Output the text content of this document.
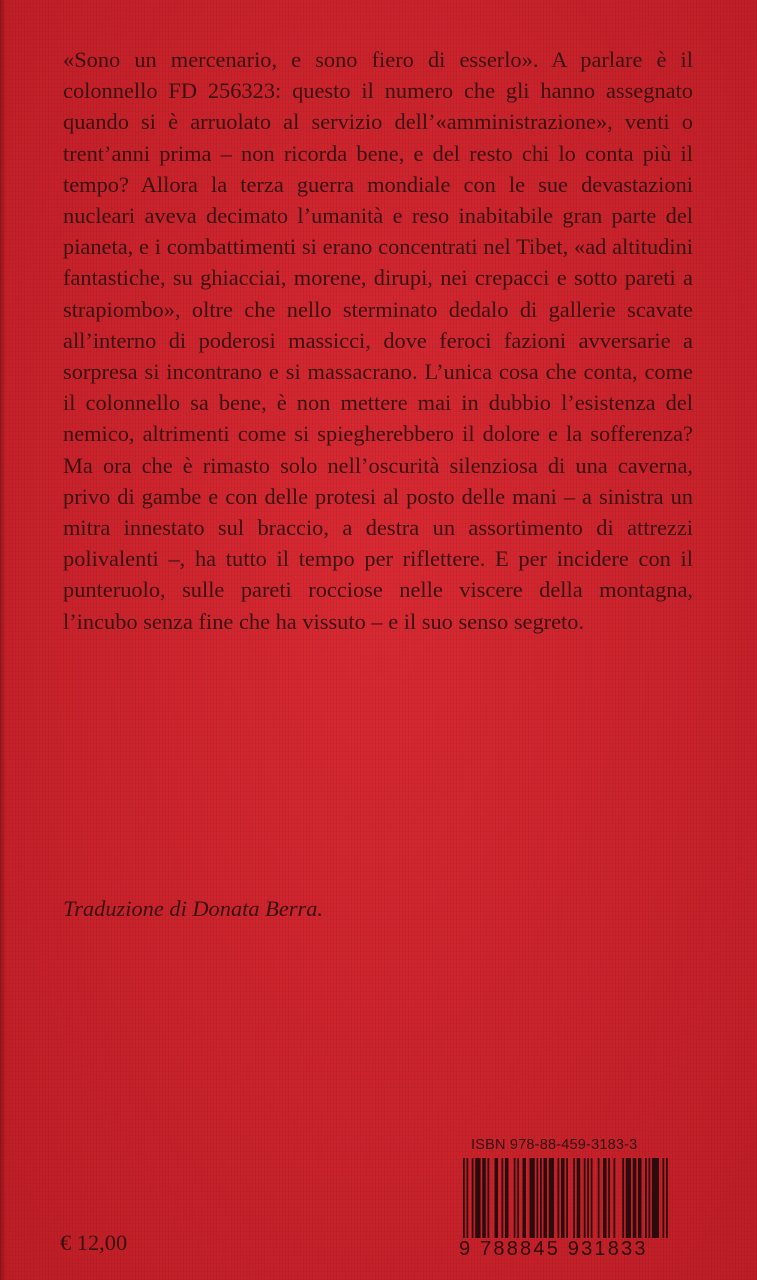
«Sono un mercenario, e sono fiero di esserlo». A parlare è il colonnello FD 256323: questo il numero che gli hanno assegnato quando si è arruolato al servizio dell’«amministrazione», venti o trent’anni prima – non ricorda bene, e del resto chi lo conta più il tempo? Allora la terza guerra mondiale con le sue devastazioni nucleari aveva decimato l’umanità e reso inabitabile gran parte del pianeta, e i combattimenti si erano concentrati nel Tibet, «ad altitudini fantastiche, su ghiacciai, morene, dirupi, nei crepacci e sotto pareti a strapiombo», oltre che nello sterminato dedalo di gallerie scavate all’interno di poderosi massicci, dove feroci fazioni avversarie a sorpresa si incontrano e si massacrano. L’unica cosa che conta, come il colonnello sa bene, è non mettere mai in dubbio l’esistenza del nemico, altrimenti come si spiegherebbero il dolore e la sofferenza? Ma ora che è rimasto solo nell’oscurità silenziosa di una caverna, privo di gambe e con delle protesi al posto delle mani – a sinistra un mitra innestato sul braccio, a destra un assortimento di attrezzi polivalenti –, ha tutto il tempo per riflettere. E per incidere con il punteruolo, sulle pareti rocciose nelle viscere della montagna, l’incubo senza fine che ha vissuto – e il suo senso segreto.

Traduzione di Donata Berra.

ISBN 978-88-459-3183-3
9 788845 931833
€ 12,00
